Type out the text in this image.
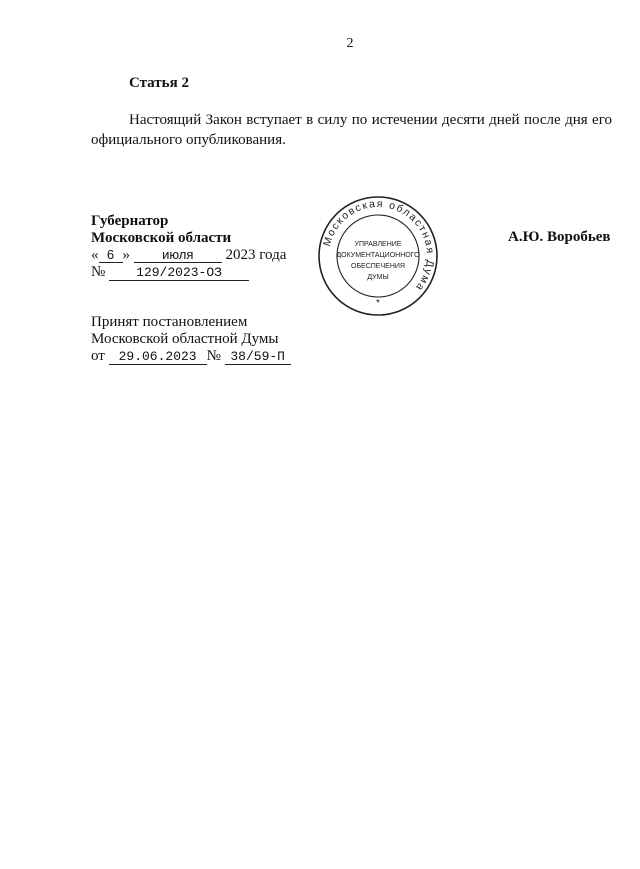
2
Статья 2

Настоящий Закон вступает в силу по истечении десяти дней после дня его официального опубликования.

Губернатор
Московской области
« 6 » июля 2023 года
№ 129/2023-ОЗ
А.Ю. Воробьев
Московская областная Дума
УПРАВЛЕНИЕ
ДОКУМЕНТАЦИОННОГО
ОБЕСПЕЧЕНИЯ
ДУМЫ
*
Принят постановлением
Московской областной Думы
от 29.06.2023 № 38/59-П
